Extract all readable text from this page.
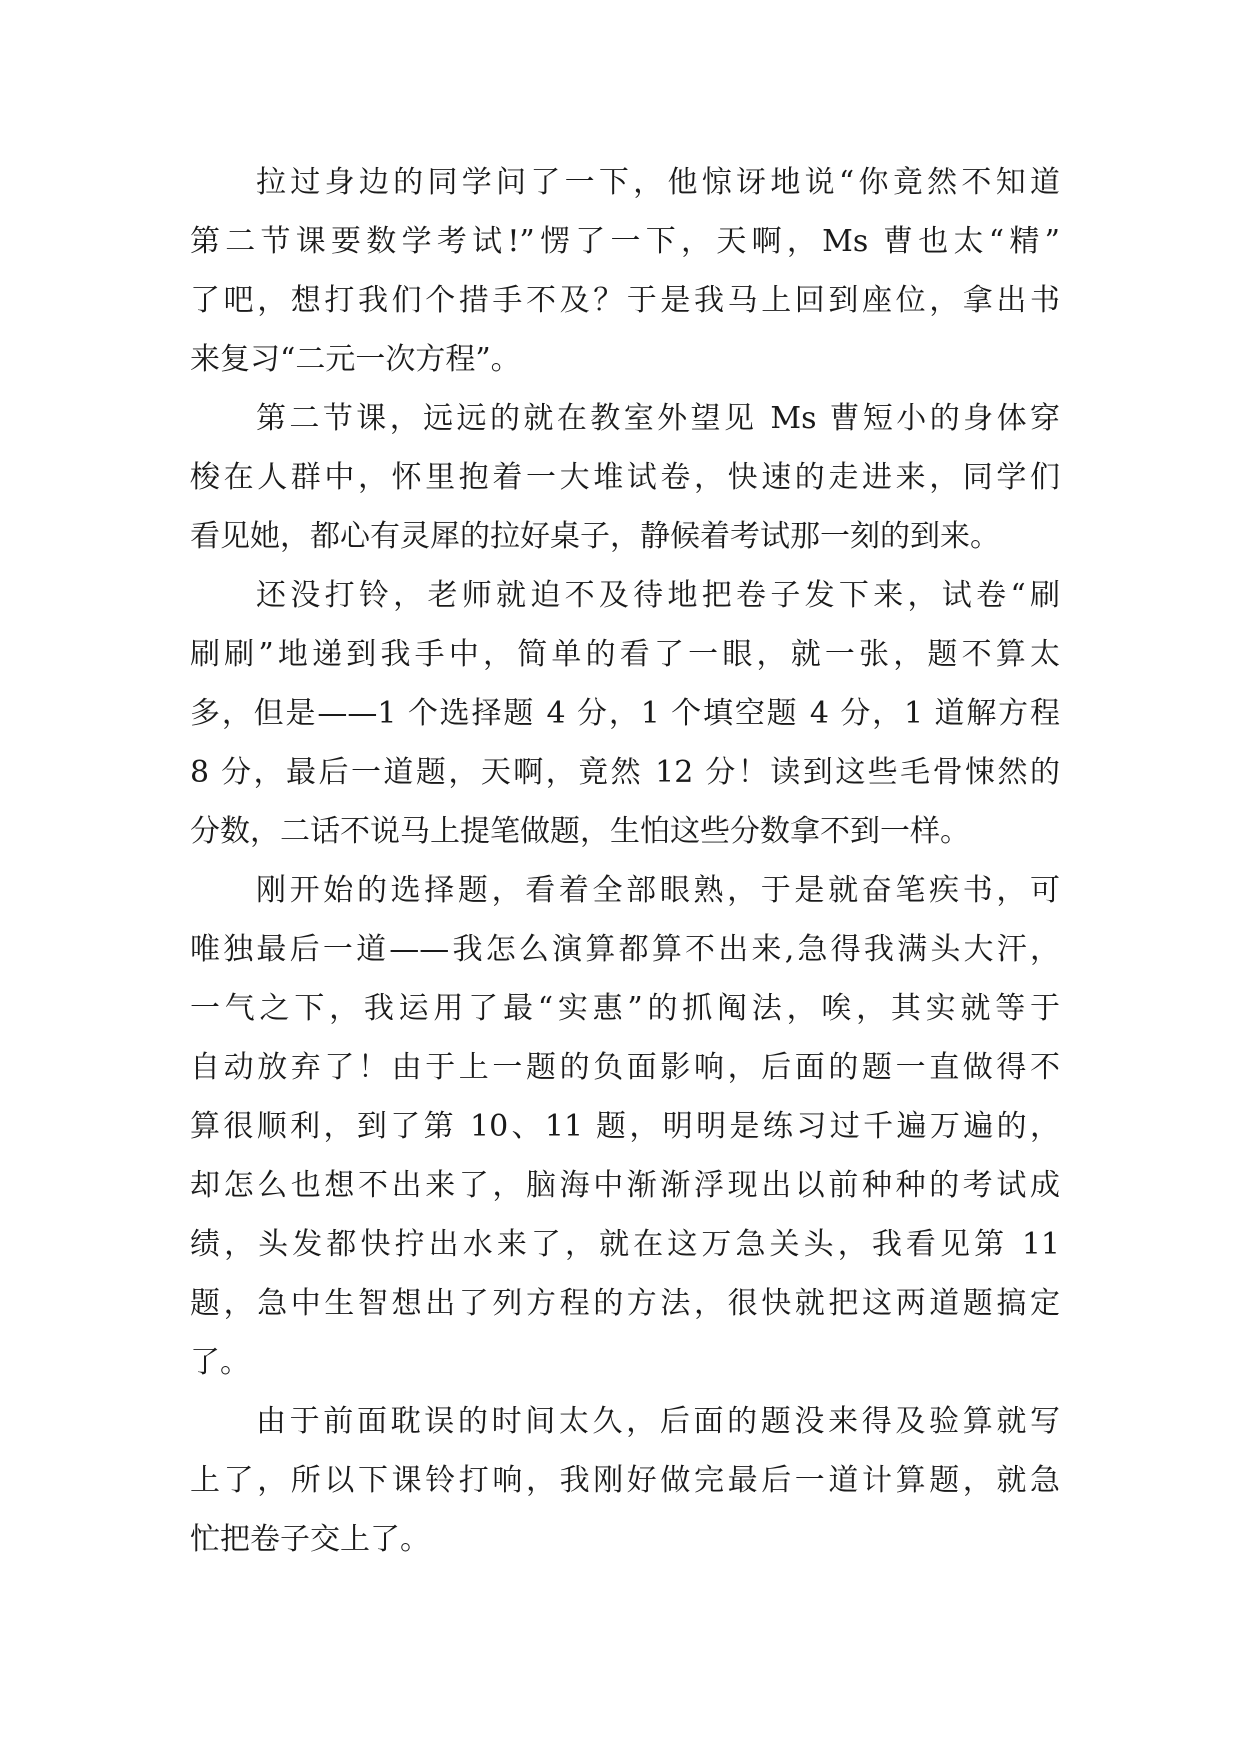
拉过身边的同学问了一下，他惊讶地说“你竟然不知道
第二节课要数学考试!”愣了一下，天啊，Ms 曹也太“精”
了吧，想打我们个措手不及？于是我马上回到座位，拿出书
来复习“二元一次方程”。
第二节课，远远的就在教室外望见 Ms 曹短小的身体穿
梭在人群中，怀里抱着一大堆试卷，快速的走进来，同学们
看见她，都心有灵犀的拉好桌子，静候着考试那一刻的到来。
还没打铃，老师就迫不及待地把卷子发下来，试卷“刷
刷刷”地递到我手中，简单的看了一眼，就一张，题不算太
多，但是——1 个选择题 4 分，1 个填空题 4 分，1 道解方程
8 分，最后一道题，天啊，竟然 12 分！读到这些毛骨悚然的
分数，二话不说马上提笔做题，生怕这些分数拿不到一样。
刚开始的选择题，看着全部眼熟，于是就奋笔疾书，可
唯独最后一道——我怎么演算都算不出来,急得我满头大汗，
一气之下，我运用了最“实惠”的抓阄法，唉，其实就等于
自动放弃了！由于上一题的负面影响，后面的题一直做得不
算很顺利，到了第 10、11 题，明明是练习过千遍万遍的，
却怎么也想不出来了，脑海中渐渐浮现出以前种种的考试成
绩，头发都快拧出水来了，就在这万急关头，我看见第 11
题，急中生智想出了列方程的方法，很快就把这两道题搞定
了。
由于前面耽误的时间太久，后面的题没来得及验算就写
上了，所以下课铃打响，我刚好做完最后一道计算题，就急
忙把卷子交上了。
